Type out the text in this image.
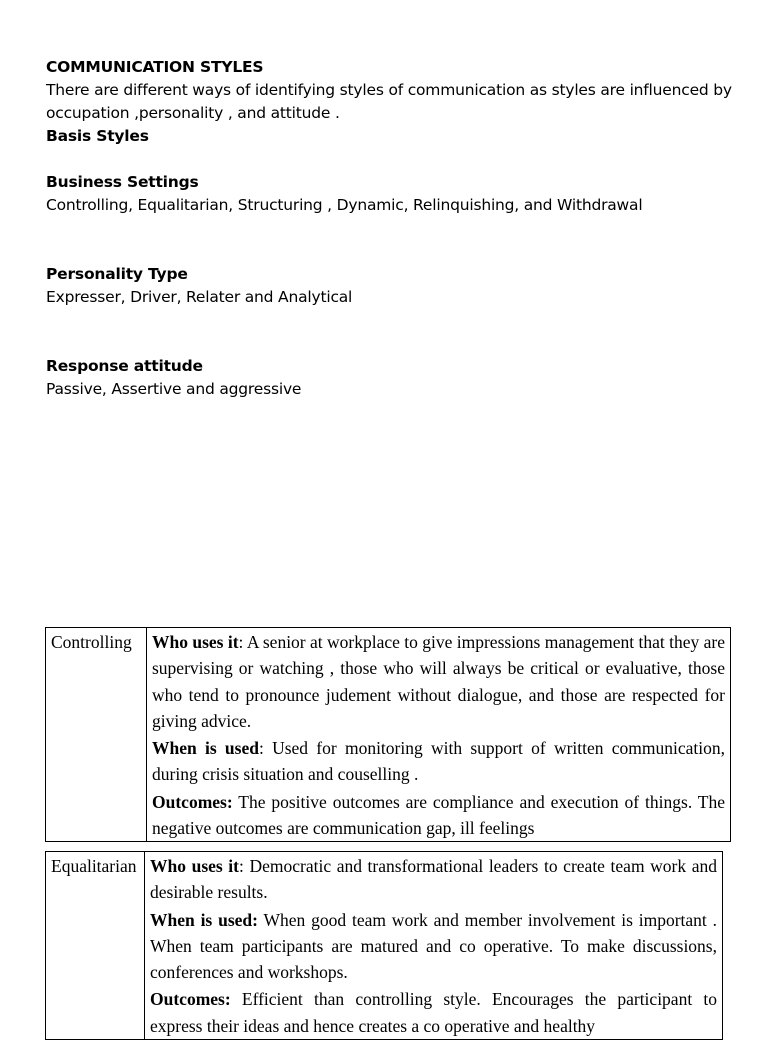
COMMUNICATION STYLES

There are different ways of identifying styles of communication as styles are influenced by occupation ,personality , and attitude .

Basis Styles

Business Settings

Controlling, Equalitarian, Structuring , Dynamic, Relinquishing, and Withdrawal

Personality Type

Expresser, Driver, Relater and Analytical

Response attitude

Passive, Assertive and aggressive

Controlling	Who uses it: A senior at workplace to give impressions management that they are supervising or watching , those who will always be critical or evaluative, those who tend to pronounce judement without dialogue, and those are respected for giving advice.

When is used: Used for monitoring with support of written communication, during crisis situation and couselling .

Outcomes: The positive outcomes are compliance and execution of things. The negative outcomes are communication gap, ill feelings

Equalitarian	Who uses it: Democratic and transformational leaders to create team work and desirable results.

When is used: When good team work and member involvement is important . When team participants are matured and co operative. To make discussions, conferences and workshops.

Outcomes: Efficient than controlling style. Encourages the participant to express their ideas and hence creates a co operative and healthy
